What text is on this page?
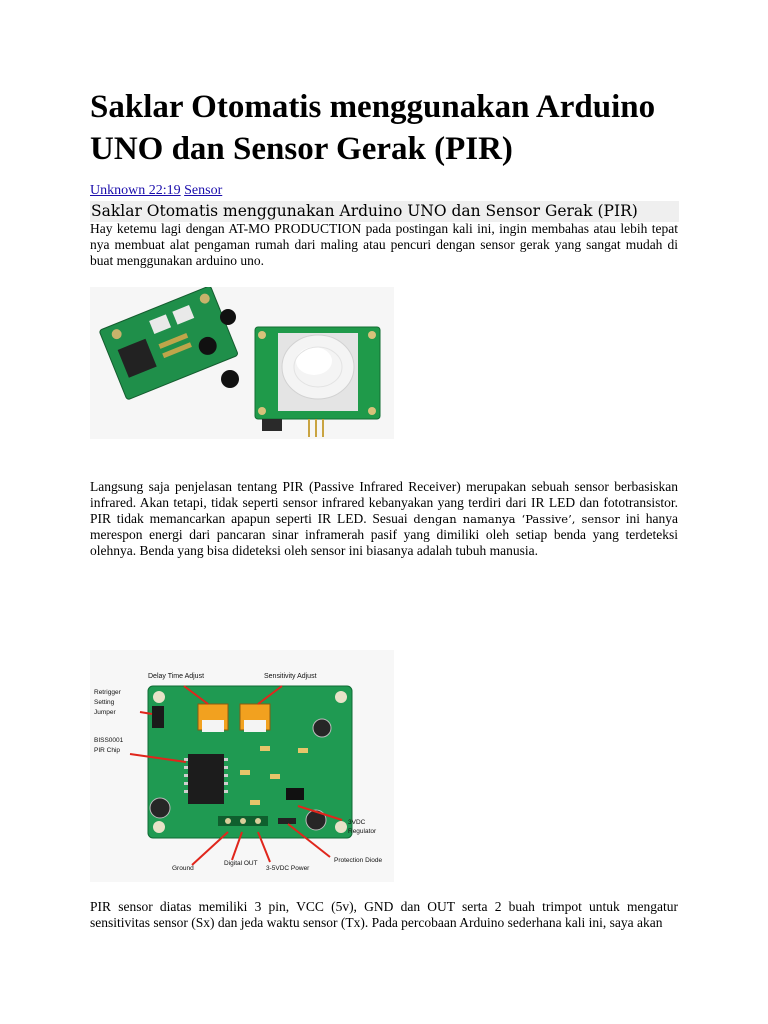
Saklar Otomatis menggunakan Arduino UNO dan Sensor Gerak (PIR)
Unknown 22:19 Sensor
Saklar Otomatis menggunakan Arduino UNO dan Sensor Gerak (PIR)

Hay ketemu lagi dengan AT-MO PRODUCTION pada postingan kali ini, ingin membahas atau lebih tepat nya membuat alat pengaman rumah dari maling atau pencuri dengan sensor gerak yang sangat mudah di buat menggunakan arduino uno.

Langsung saja penjelasan tentang PIR (Passive Infrared Receiver) merupakan sebuah sensor berbasiskan infrared. Akan tetapi, tidak seperti sensor infrared kebanyakan yang terdiri dari IR LED dan fototransistor. PIR tidak memancarkan apapun seperti IR LED. Sesuai dengan namanya ‘Passive’, sensor ini hanya merespon energi dari pancaran sinar inframerah pasif yang dimiliki oleh setiap benda yang terdeteksi olehnya. Benda yang bisa dideteksi oleh sensor ini biasanya adalah tubuh manusia.

Delay Time Adjust	Sensitivity Adjust
Retrigger
Setting
Jumper
BISS0001
PIR Chip
3VDC
Regulator
Protection Diode
Ground
Digital OUT
3-5VDC Power

PIR sensor diatas memiliki 3 pin, VCC (5v), GND dan OUT serta 2 buah trimpot untuk mengatur sensitivitas sensor (Sx) dan jeda waktu sensor (Tx). Pada percobaan Arduino sederhana kali ini, saya akan
